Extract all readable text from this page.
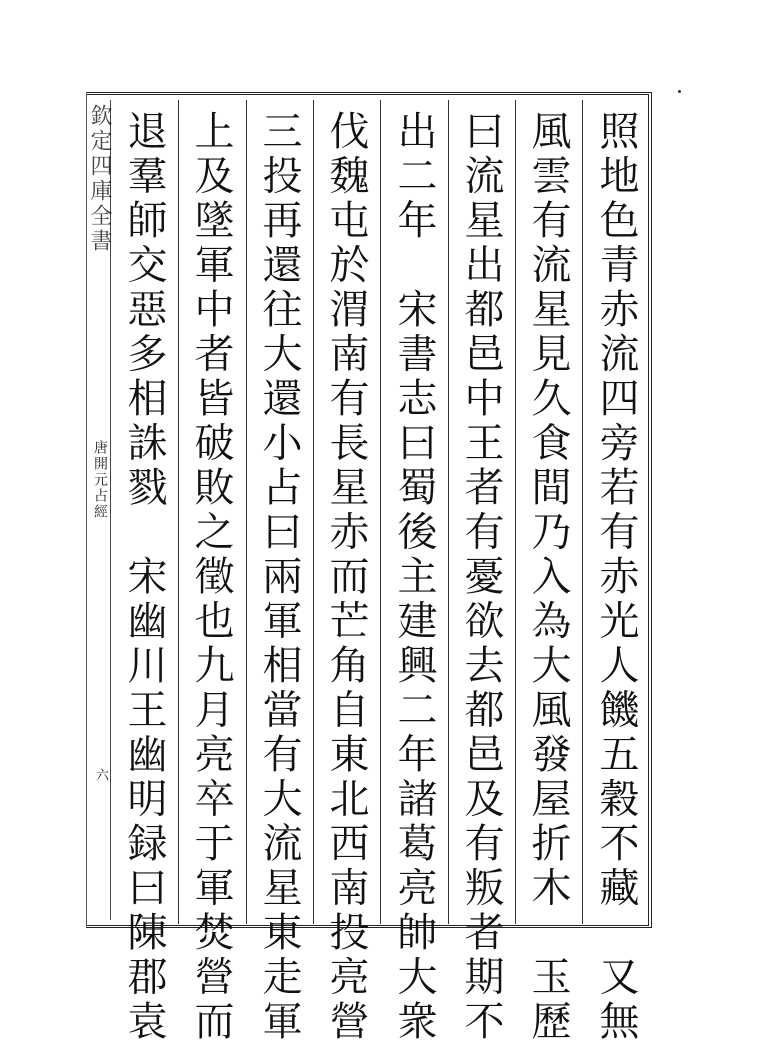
欽定四庫全書
唐開元占經
六	照地色青赤流四旁若有赤光人饑五穀不藏　又無
風雲有流星見久食間乃入為大風發屋折木　玉歷
曰流星出都邑中王者有憂欲去都邑及有叛者期不
出二年　宋書志曰蜀後主建興二年諸葛亮帥大衆
伐魏屯於渭南有長星赤而芒角自東北西南投亮營
三投再還往大還小占曰兩軍相當有大流星東走軍
上及墜軍中者皆破敗之徵也九月亮卒于軍焚營而
退羣師交惡多相誅戮　宋幽川王幽明録曰陳郡袁
